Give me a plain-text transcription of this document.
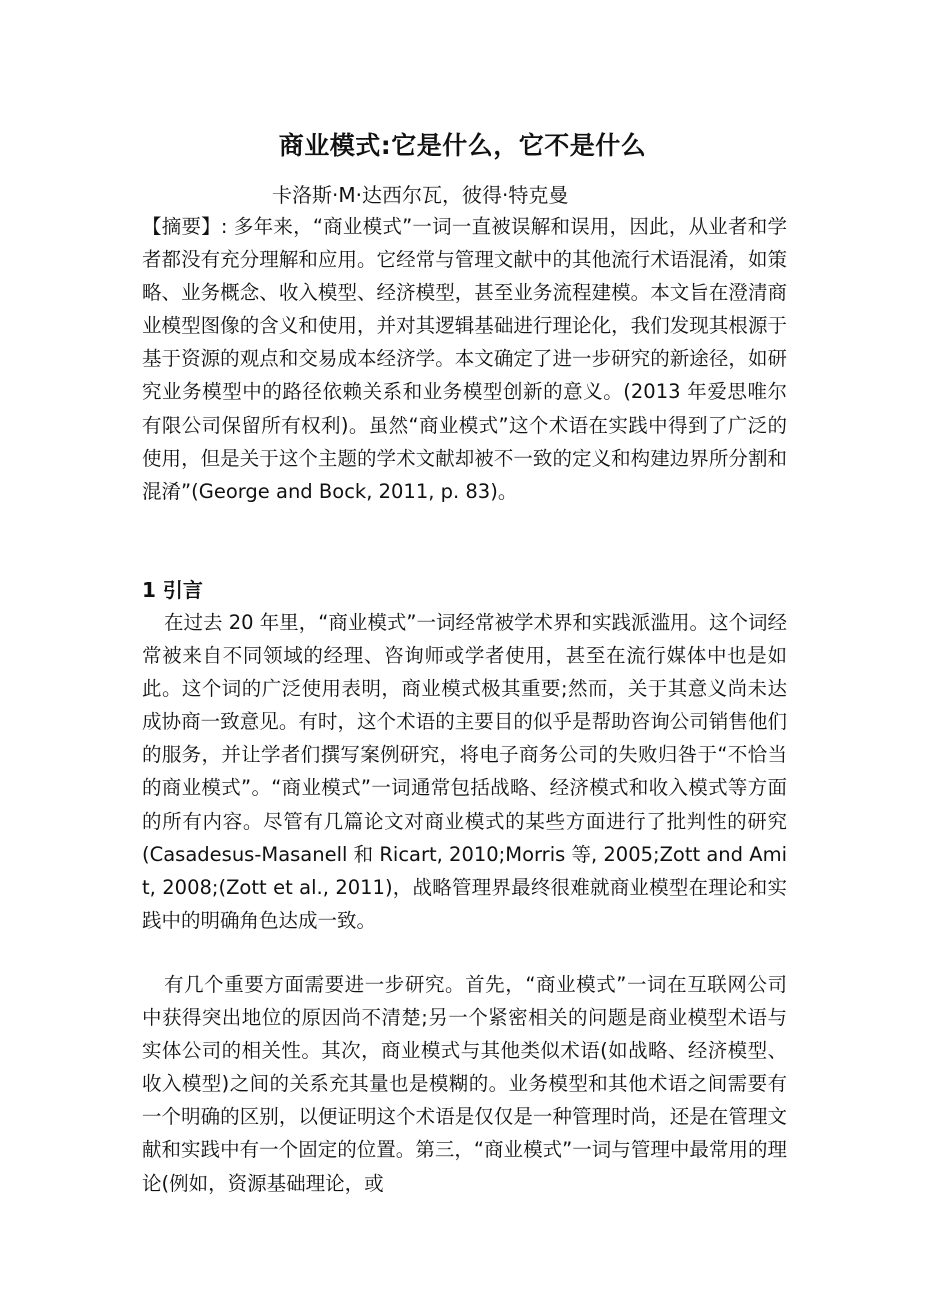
商业模式:它是什么，它不是什么
卡洛斯·M·达西尔瓦，彼得·特克曼
【摘要】: 多年来，“商业模式”一词一直被误解和误用，因此，从业者和学者都没有充分理解和应用。它经常与管理文献中的其他流行术语混淆，如策略、业务概念、收入模型、经济模型，甚至业务流程建模。本文旨在澄清商业模型图像的含义和使用，并对其逻辑基础进行理论化，我们发现其根源于基于资源的观点和交易成本经济学。本文确定了进一步研究的新途径，如研究业务模型中的路径依赖关系和业务模型创新的意义。(2013 年爱思唯尔有限公司保留所有权利)。虽然“商业模式”这个术语在实践中得到了广泛的使用，但是关于这个主题的学术文献却被不一致的定义和构建边界所分割和混淆”(George and Bock, 2011, p. 83)。
1 引言
在过去 20 年里，“商业模式”一词经常被学术界和实践派滥用。这个词经常被来自不同领域的经理、咨询师或学者使用，甚至在流行媒体中也是如此。这个词的广泛使用表明，商业模式极其重要;然而，关于其意义尚未达成协商一致意见。有时，这个术语的主要目的似乎是帮助咨询公司销售他们的服务，并让学者们撰写案例研究，将电子商务公司的失败归咎于“不恰当的商业模式”。“商业模式”一词通常包括战略、经济模式和收入模式等方面的所有内容。尽管有几篇论文对商业模式的某些方面进行了批判性的研究(Casadesus-Masanell 和 Ricart, 2010;Morris 等, 2005;Zott and Amit, 2008;(Zott et al., 2011)，战略管理界最终很难就商业模型在理论和实践中的明确角色达成一致。
有几个重要方面需要进一步研究。首先，“商业模式”一词在互联网公司中获得突出地位的原因尚不清楚;另一个紧密相关的问题是商业模型术语与实体公司的相关性。其次，商业模式与其他类似术语(如战略、经济模型、收入模型)之间的关系充其量也是模糊的。业务模型和其他术语之间需要有一个明确的区别，以便证明这个术语是仅仅是一种管理时尚，还是在管理文献和实践中有一个固定的位置。第三，“商业模式”一词与管理中最常用的理论(例如，资源基础理论，或
